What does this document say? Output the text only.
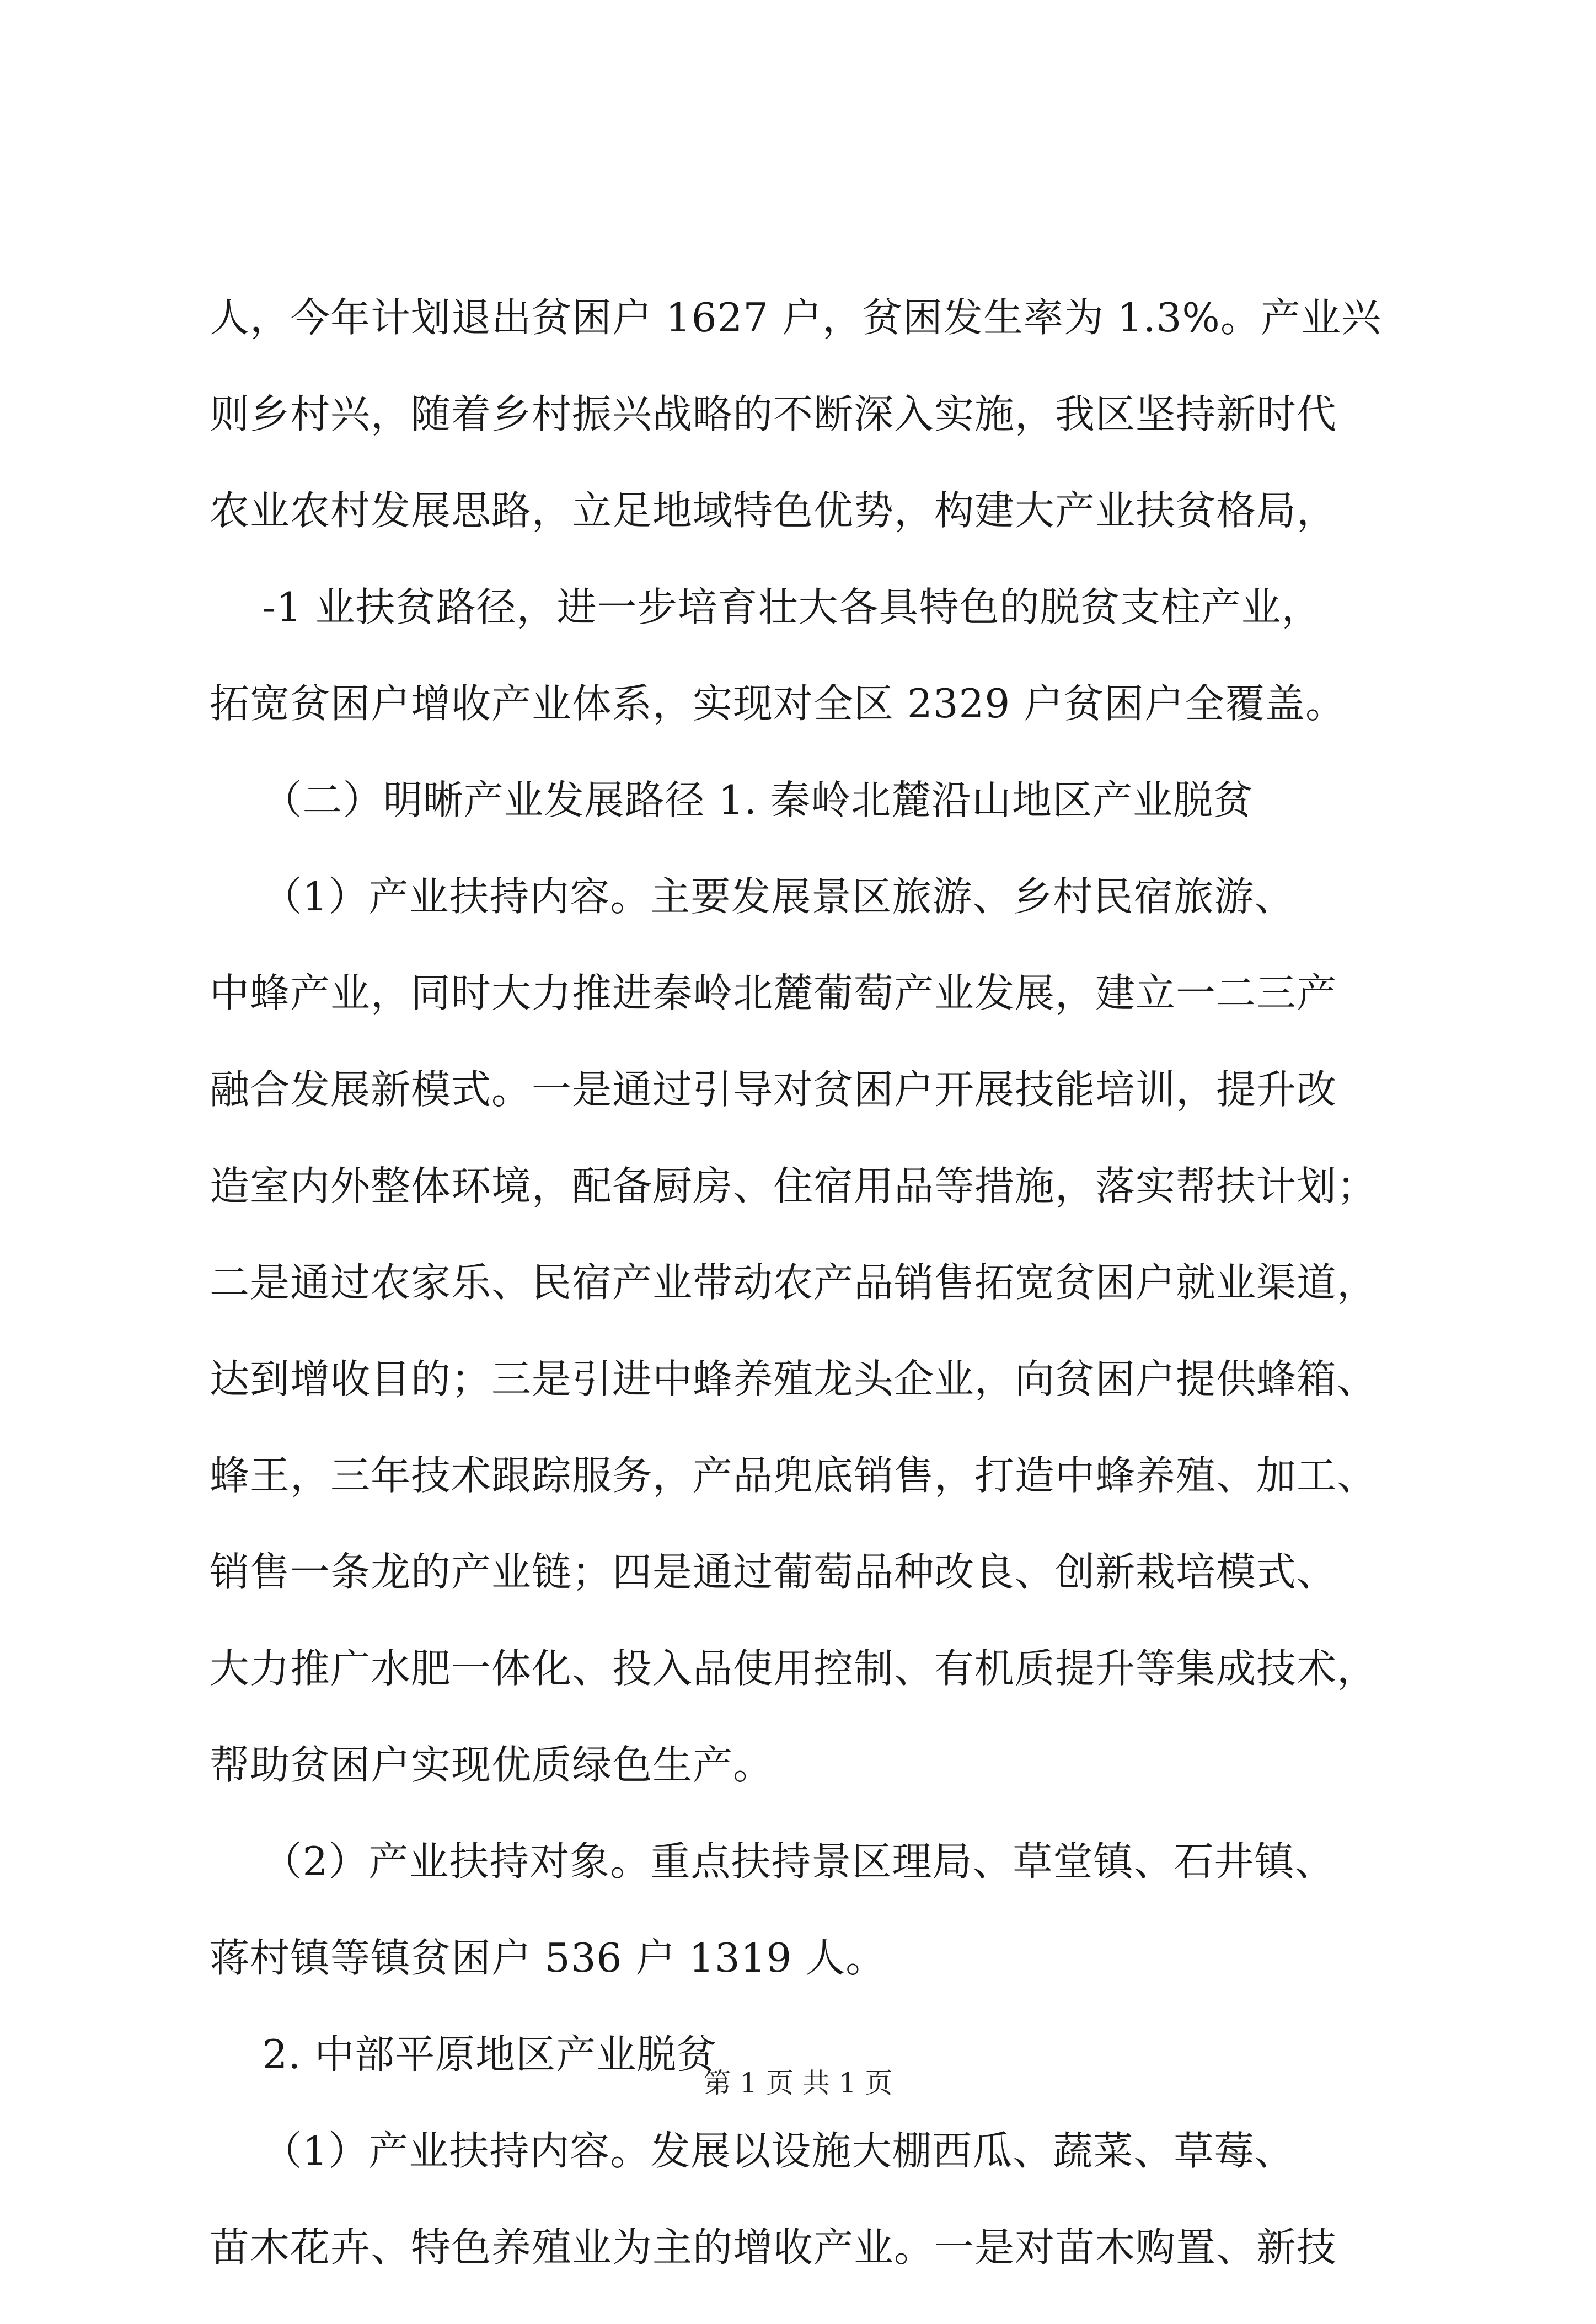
人，今年计划退出贫困户 1627 户，贫困发生率为 1.3%。产业兴
则乡村兴，随着乡村振兴战略的不断深入实施，我区坚持新时代
农业农村发展思路，立足地域特色优势，构建大产业扶贫格局，
-1 业扶贫路径，进一步培育壮大各具特色的脱贫支柱产业，
拓宽贫困户增收产业体系，实现对全区 2329 户贫困户全覆盖。
（二）明晰产业发展路径 1. 秦岭北麓沿山地区产业脱贫
（1）产业扶持内容。主要发展景区旅游、乡村民宿旅游、
中蜂产业，同时大力推进秦岭北麓葡萄产业发展，建立一二三产
融合发展新模式。一是通过引导对贫困户开展技能培训，提升改
造室内外整体环境，配备厨房、住宿用品等措施，落实帮扶计划；
二是通过农家乐、民宿产业带动农产品销售拓宽贫困户就业渠道，
达到增收目的；三是引进中蜂养殖龙头企业，向贫困户提供蜂箱、
蜂王，三年技术跟踪服务，产品兜底销售，打造中蜂养殖、加工、
销售一条龙的产业链；四是通过葡萄品种改良、创新栽培模式、
大力推广水肥一体化、投入品使用控制、有机质提升等集成技术，
帮助贫困户实现优质绿色生产。
（2）产业扶持对象。重点扶持景区理局、草堂镇、石井镇、
蒋村镇等镇贫困户 536 户 1319 人。
2. 中部平原地区产业脱贫
（1）产业扶持内容。发展以设施大棚西瓜、蔬菜、草莓、
苗木花卉、特色养殖业为主的增收产业。一是对苗木购置、新技
第 1 页 共 1 页
